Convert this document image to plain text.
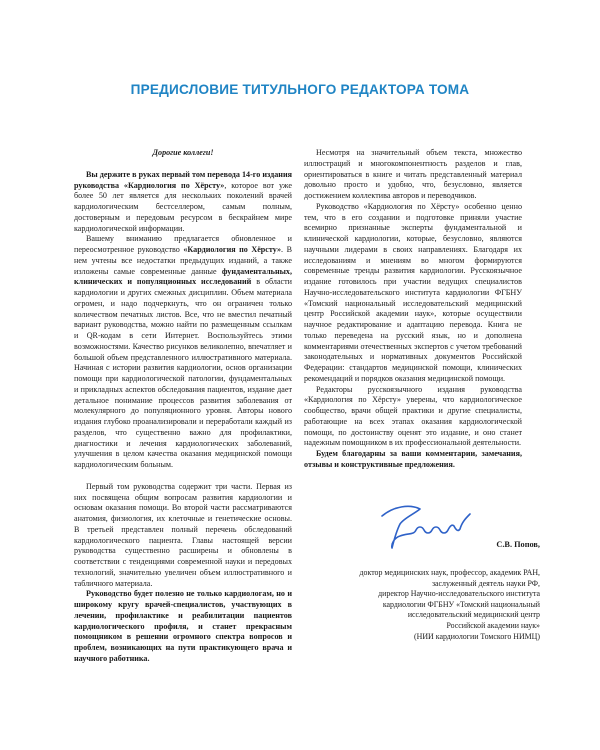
ПРЕДИСЛОВИЕ ТИТУЛЬНОГО РЕДАКТОРА ТОМА

Дорогие коллеги!

Вы держите в руках первый том перевода 14-го издания руководства «Кардиология по Хёрсту», которое вот уже более 50 лет является для нескольких поколений врачей кардиологическим бестселлером, самым полным, достоверным и передовым ресурсом в бескрайнем мире кардиологической информации.

Вашему вниманию предлагается обновленное и переосмотренное руководство «Кардиология по Хёрсту». В нем учтены все недостатки предыдущих изданий, а также изложены самые современные данные фундаментальных, клинических и популяционных исследований в области кардиологии и других смежных дисциплин. Объем материала огромен, и надо подчеркнуть, что он ограничен только количеством печатных листов. Все, что не вместил печатный вариант руководства, можно найти по размещенным ссылкам и QR-кодам в сети Интернет. Воспользуйтесь этими возможностями. Качество рисунков великолепно, впечатляет и большой объем представленного иллюстративного материала. Начиная с истории развития кардиологии, основ организации помощи при кардиологической патологии, фундаментальных и прикладных аспектов обследования пациентов, издание дает детальное понимание процессов развития заболевания от молекулярного до популяционного уровня. Авторы нового издания глубоко проанализировали и переработали каждый из разделов, что существенно важно для профилактики, диагностики и лечения кардиологических заболеваний, улучшения в целом качества оказания медицинской помощи кардиологическим больным.

Первый том руководства содержит три части. Первая из них посвящена общим вопросам развития кардиологии и основам оказания помощи. Во второй части рассматриваются анатомия, физиология, их клеточные и генетические основы. В третьей представлен полный перечень обследований кардиологического пациента. Главы настоящей версии руководства существенно расширены и обновлены в соответствии с тенденциями современной науки и передовых технологий, значительно увеличен объем иллюстративного и табличного материала.

Руководство будет полезно не только кардиологам, но и широкому кругу врачей-специалистов, участвующих в лечении, профилактике и реабилитации пациентов кардиологического профиля, и станет прекрасным помощником в решении огромного спектра вопросов и проблем, возникающих на пути практикующего врача и научного работника.

Несмотря на значительный объем текста, множество иллюстраций и многокомпонентность разделов и глав, ориентироваться в книге и читать представленный материал довольно просто и удобно, что, безусловно, является достижением коллектива авторов и переводчиков.

Руководство «Кардиология по Хёрсту» особенно ценно тем, что в его создании и подготовке приняли участие всемирно признанные эксперты фундаментальной и клинической кардиологии, которые, безусловно, являются научными лидерами в своих направлениях. Благодаря их исследованиям и мнениям во многом формируются современные тренды развития кардиологии. Русскоязычное издание готовилось при участии ведущих специалистов Научно-исследовательского института кардиологии ФГБНУ «Томский национальный исследовательский медицинский центр Российской академии наук», которые осуществили научное редактирование и адаптацию перевода. Книга не только переведена на русский язык, но и дополнена комментариями отечественных экспертов с учетом требований законодательных и нормативных документов Российской Федерации: стандартов медицинской помощи, клинических рекомендаций и порядков оказания медицинской помощи.

Редакторы русскоязычного издания руководства «Кардиология по Хёрсту» уверены, что кардиологическое сообщество, врачи общей практики и другие специалисты, работающие на всех этапах оказания кардиологической помощи, по достоинству оценят это издание, и оно станет надежным помощником в их профессиональной деятельности.

Будем благодарны за ваши комментарии, замечания, отзывы и конструктивные предложения.

С.В. Попов,
доктор медицинских наук, профессор, академик РАН,
заслуженный деятель науки РФ,
директор Научно-исследовательского института
кардиологии ФГБНУ «Томский национальный
исследовательский медицинский центр
Российской академии наук»
(НИИ кардиологии Томского НИМЦ)
